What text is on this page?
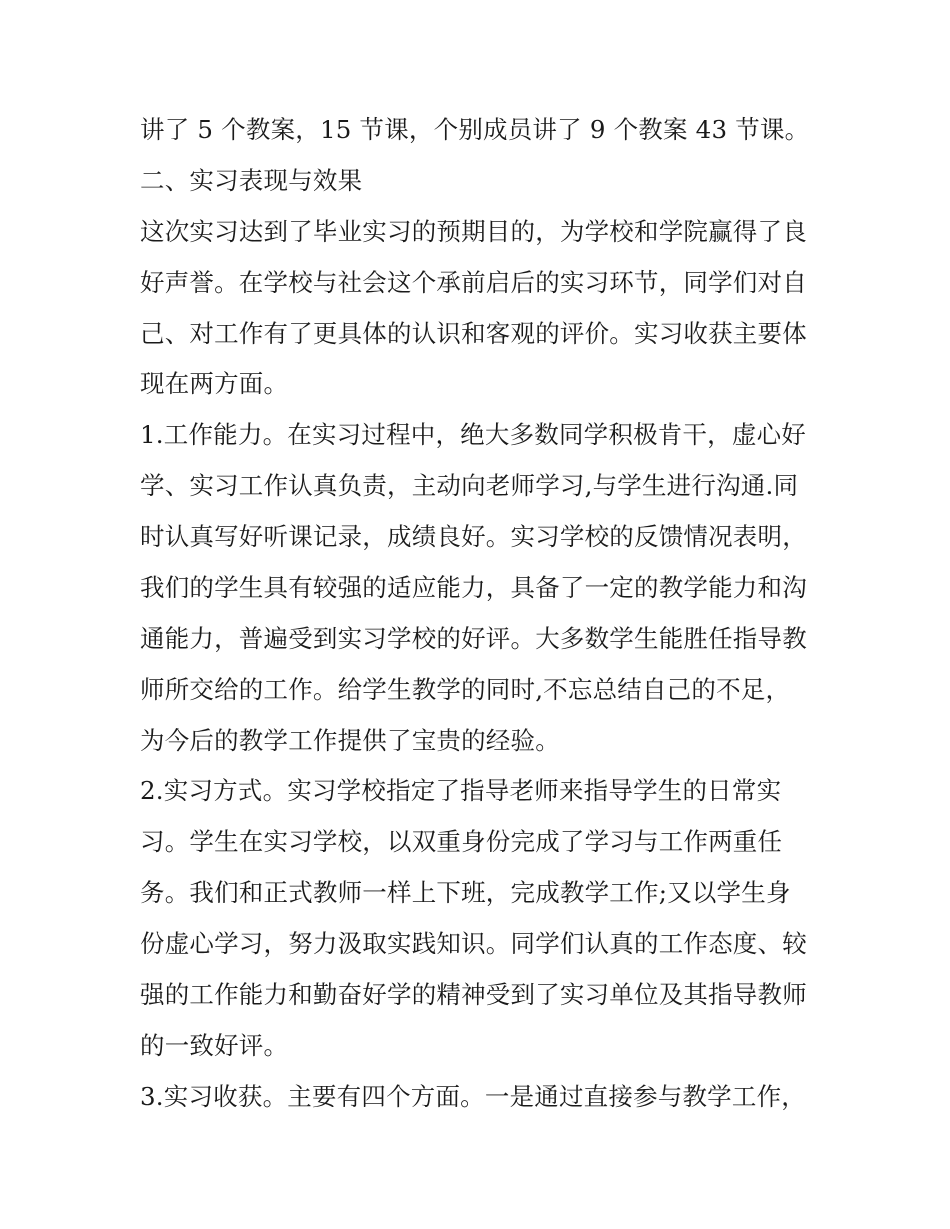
讲了 5 个教案，15 节课，个别成员讲了 9 个教案 43 节课。

二、实习表现与效果

这次实习达到了毕业实习的预期目的，为学校和学院赢得了良

好声誉。在学校与社会这个承前启后的实习环节，同学们对自

己、对工作有了更具体的认识和客观的评价。实习收获主要体

现在两方面。

1.工作能力。在实习过程中，绝大多数同学积极肯干，虚心好

学、实习工作认真负责，主动向老师学习,与学生进行沟通.同

时认真写好听课记录，成绩良好。实习学校的反馈情况表明，

我们的学生具有较强的适应能力，具备了一定的教学能力和沟

通能力，普遍受到实习学校的好评。大多数学生能胜任指导教

师所交给的工作。给学生教学的同时,不忘总结自己的不足，

为今后的教学工作提供了宝贵的经验。

2.实习方式。实习学校指定了指导老师来指导学生的日常实

习。学生在实习学校，以双重身份完成了学习与工作两重任

务。我们和正式教师一样上下班，完成教学工作;又以学生身

份虚心学习，努力汲取实践知识。同学们认真的工作态度、较

强的工作能力和勤奋好学的精神受到了实习单位及其指导教师

的一致好评。

3.实习收获。主要有四个方面。一是通过直接参与教学工作，
